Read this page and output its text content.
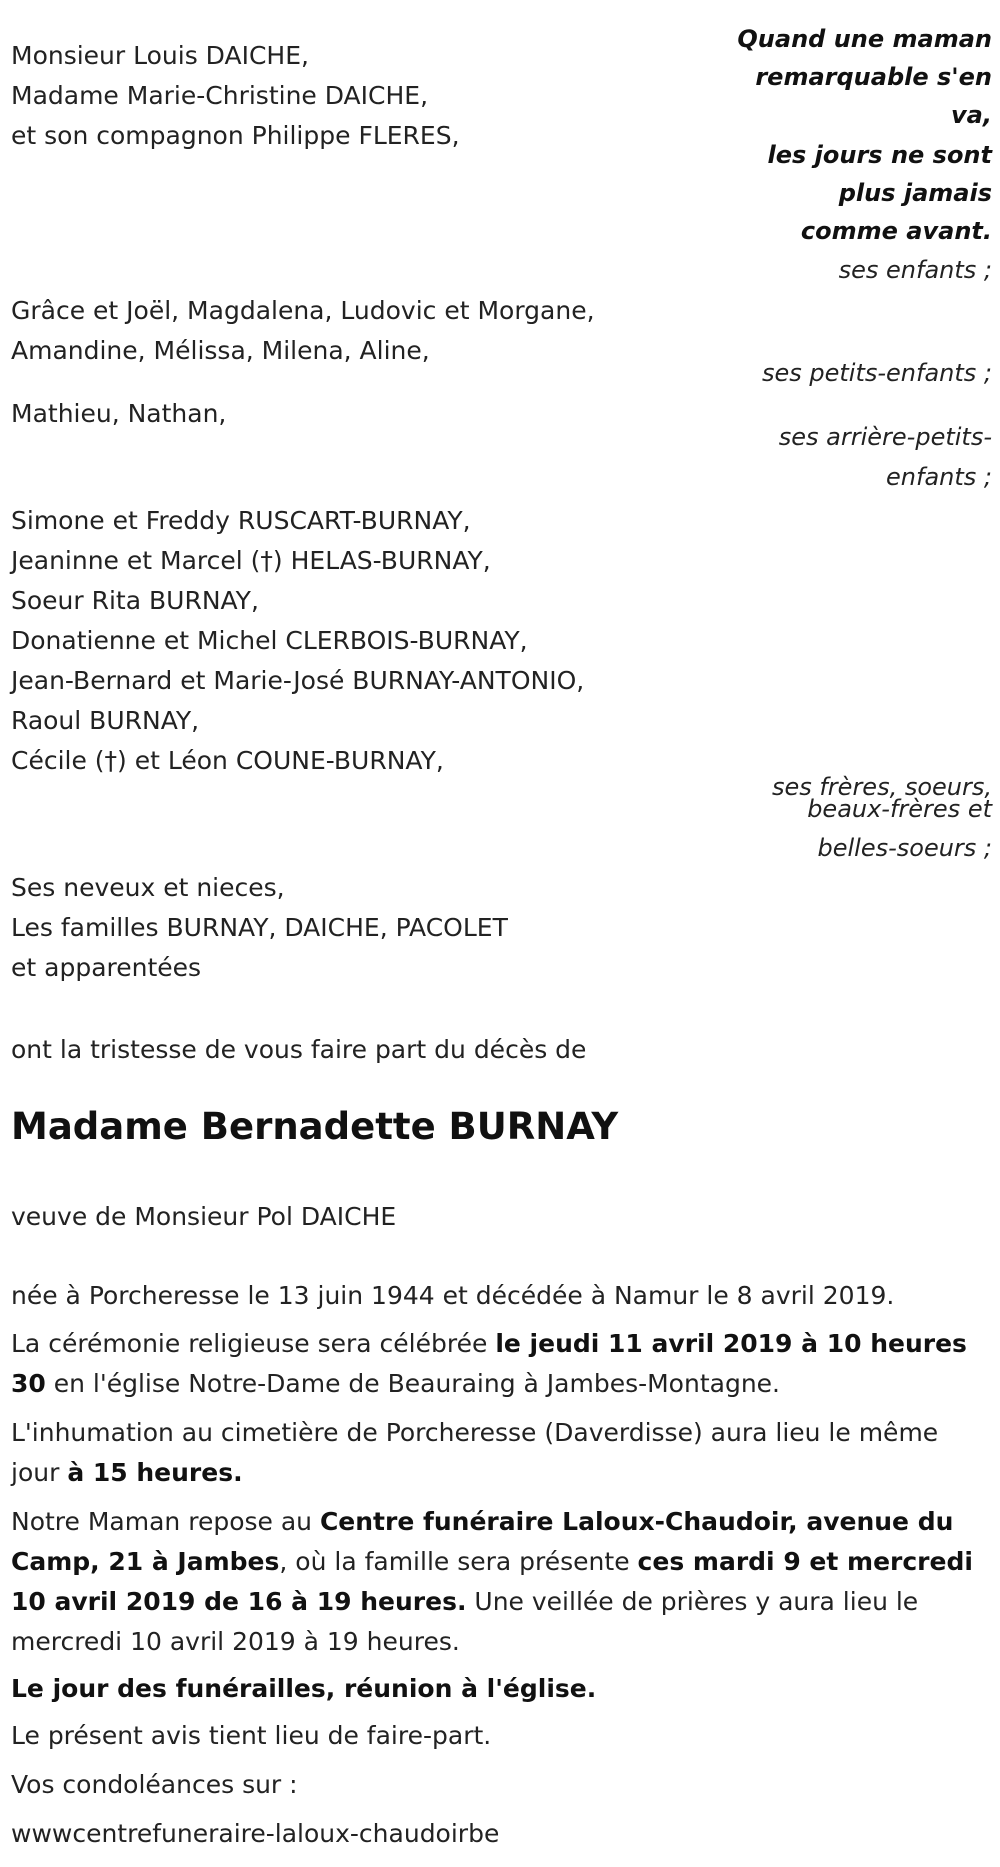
Quand une maman
remarquable s'en
va,
les jours ne sont
plus jamais
comme avant.
Monsieur Louis DAICHE,
Madame Marie-Christine DAICHE,
et son compagnon Philippe FLERES,
ses enfants ;
Grâce et Joël, Magdalena, Ludovic et Morgane,
Amandine, Mélissa, Milena, Aline,
ses petits-enfants ;
Mathieu, Nathan,
ses arrière-petits-
enfants ;
Simone et Freddy RUSCART-BURNAY,
Jeaninne et Marcel (†) HELAS-BURNAY,
Soeur Rita BURNAY,
Donatienne et Michel CLERBOIS-BURNAY,
Jean-Bernard et Marie-José BURNAY-ANTONIO,
Raoul BURNAY,
Cécile (†) et Léon COUNE-BURNAY,
ses frères, soeurs,
beaux-frères et
belles-soeurs ;
Ses neveux et nieces,
Les familles BURNAY, DAICHE, PACOLET
et apparentées
ont la tristesse de vous faire part du décès de
Madame Bernadette BURNAY
veuve de Monsieur Pol DAICHE
née à Porcheresse le 13 juin 1944 et décédée à Namur le 8 avril 2019.
La cérémonie religieuse sera célébrée le jeudi 11 avril 2019 à 10 heures 30 en l'église Notre-Dame de Beauraing à Jambes-Montagne.
L'inhumation au cimetière de Porcheresse (Daverdisse) aura lieu le même jour à 15 heures.
Notre Maman repose au Centre funéraire Laloux-Chaudoir, avenue du Camp, 21 à Jambes, où la famille sera présente ces mardi 9 et mercredi 10 avril 2019 de 16 à 19 heures. Une veillée de prières y aura lieu le mercredi 10 avril 2019 à 19 heures.
Le jour des funérailles, réunion à l'église.
Le présent avis tient lieu de faire-part.
Vos condoléances sur :
wwwcentrefuneraire-laloux-chaudoirbe
